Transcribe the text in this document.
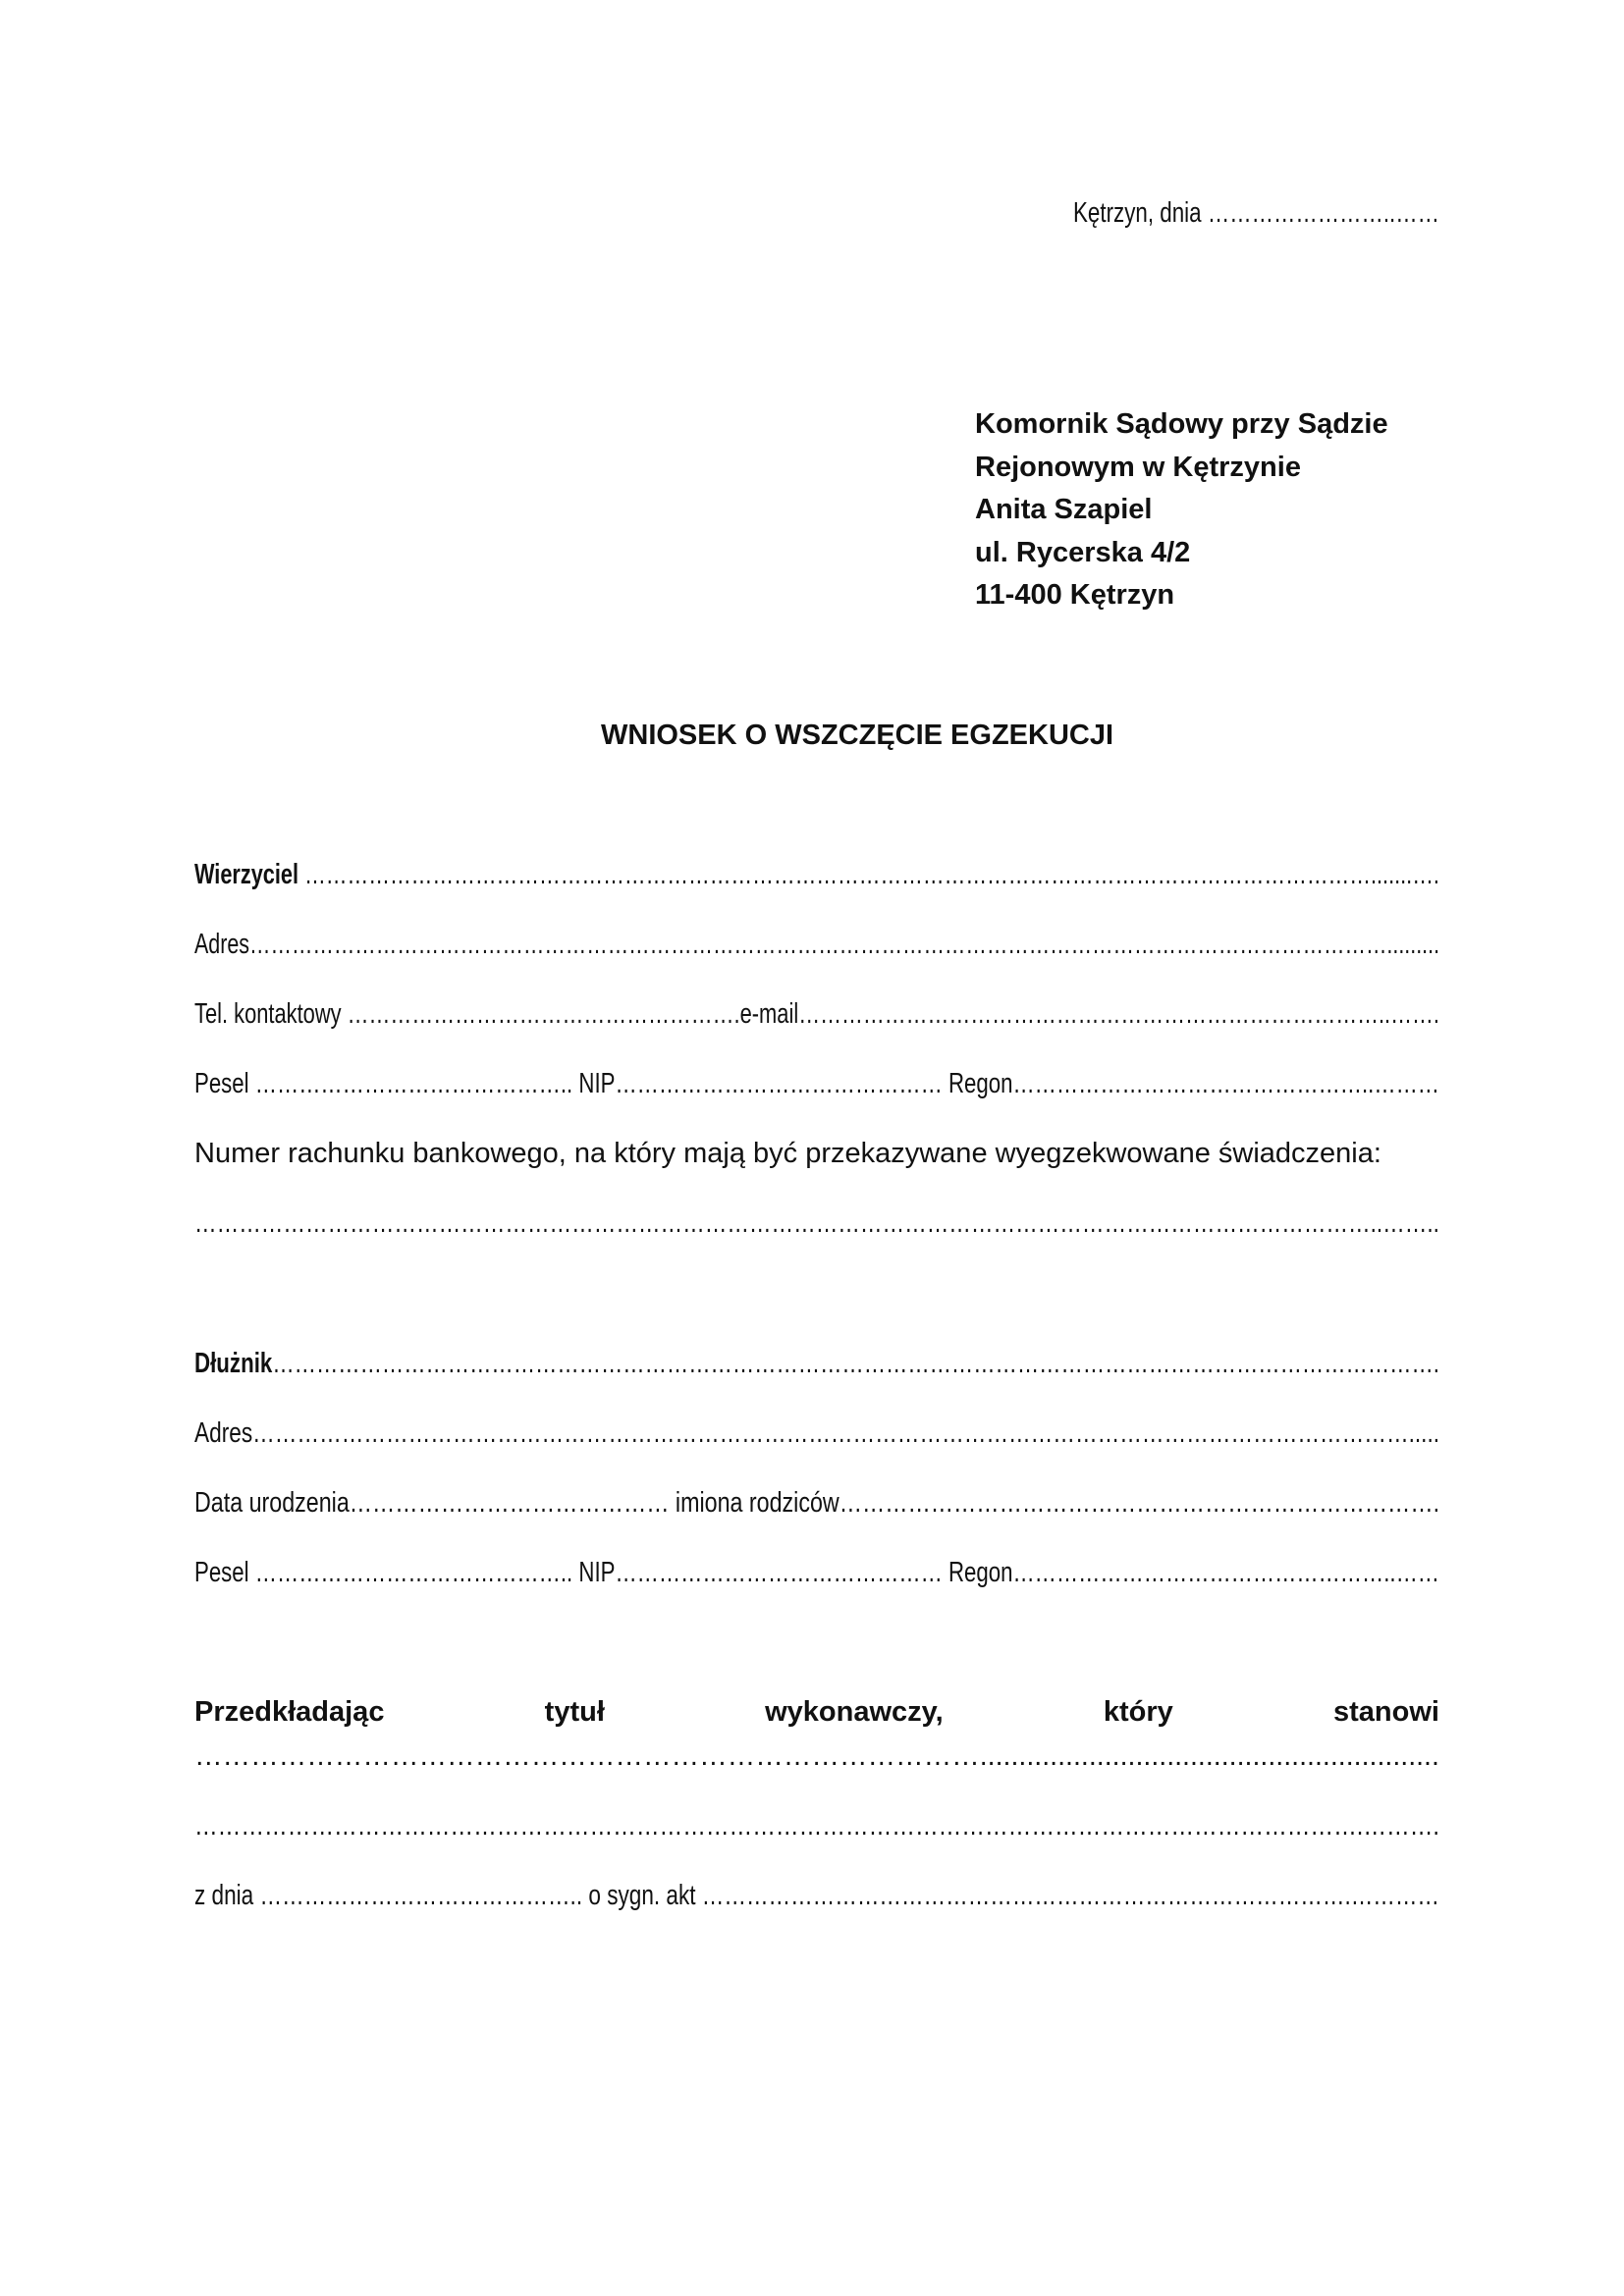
Kętrzyn, dnia ……………………..……
Komornik Sądowy przy Sądzie
Rejonowym w Kętrzynie
Anita Szapiel
ul. Rycerska 4/2
11-400 Kętrzyn
WNIOSEK O WSZCZĘCIE EGZEKUCJI
Wierzyciel …………………………………………………………………………………………………………………………………….......….
Adres……………………………………………………………………………………………………………………………………………….........
Tel. kontaktowy ……………………………………………….e-mail………………………………………………………………………..…….
Pesel …………………………………….. NIP……………………………………… Regon…………………………………………..………
Numer rachunku bankowego, na który mają być przekazywane wyegzekwowane świadczenia:
……………………………………………………………………………………………………………………………………………..……..
Dłużnik…………………………………………………………………………………………………………………………………………….
Adres………………………………………………………………………………………………………………………………………….....
Data urodzenia…………………………………… imiona rodziców…………………………………………………………………….
Pesel …………………………………….. NIP……………………………………… Regon……………………………………………..……
Przedkładając	tytuł	wykonawczy,	który	stanowi
…………………………………………………………………………...........................................................
…………………………………………………………………………………………………………………………………….……….
z dnia …………………………………….. o sygn. akt …………………………………………………………………………….…………
